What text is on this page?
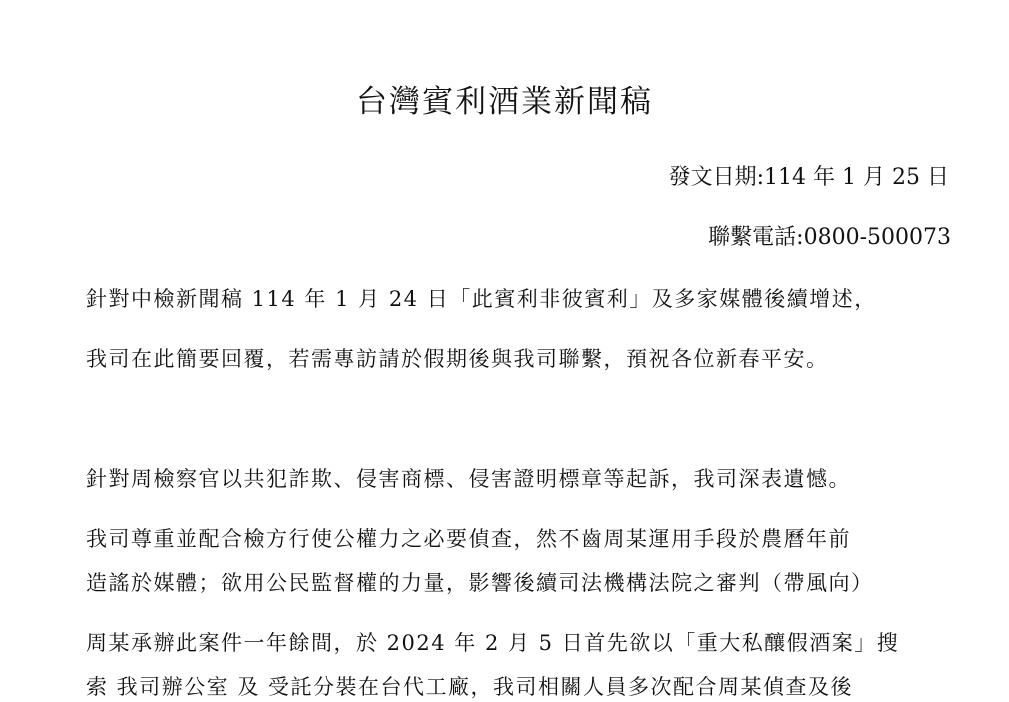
台灣賓利酒業新聞稿
發文日期:114 年 1 月 25 日
聯繫電話:0800-500073
針對中檢新聞稿 114 年 1 月 24 日「此賓利非彼賓利」及多家媒體後續增述，
我司在此簡要回覆，若需專訪請於假期後與我司聯繫，預祝各位新春平安。
針對周檢察官以共犯詐欺、侵害商標、侵害證明標章等起訴，我司深表遺憾。
我司尊重並配合檢方行使公權力之必要偵查，然不齒周某運用手段於農曆年前
造謠於媒體；欲用公民監督權的力量，影響後續司法機構法院之審判（帶風向）
周某承辦此案件一年餘間，於 2024 年 2 月 5 日首先欲以「重大私釀假酒案」搜
索 我司辦公室 及 受託分裝在台代工廠，我司相關人員多次配合周某偵查及後
